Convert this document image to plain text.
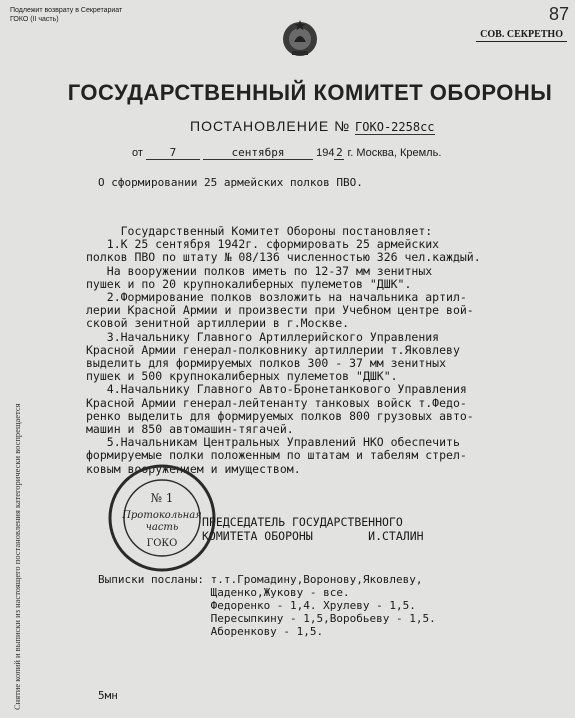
Подлежит возврату в Секретариат
ГОКО (II часть)	87
СОВ. СЕКРЕТНО
ГОСУДАРСТВЕННЫЙ КОМИТЕТ ОБОРОНЫ
ПОСТАНОВЛЕНИЕ № ГОКО-2258сс
от 7	сентября	194 2 г. Москва, Кремль.
О сформировании 25 армейских полков ПВО.
Государственный Комитет Обороны постановляет:
1.К 25 сентября 1942г. сформировать 25 армейских
полков ПВО по штату № 08/136 численностью 326 чел.каждый.
На вооружении полков иметь по 12-37 мм зенитных
пушек и по 20 крупнокалиберных пулеметов "ДШК".
2.Формирование полков возложить на начальника артил-
лерии Красной Армии и произвести при Учебном центре вой-
сковой зенитной артиллерии в г.Москве.
3.Начальнику Главного Артиллерийского Управления
Красной Армии генерал-полковнику артиллерии т.Яковлеву
выделить для формируемых полков 300 - 37 мм зенитных
пушек и 500 крупнокалиберных пулеметов "ДШК".
4.Начальнику Главного Авто-Бронетанкового Управления
Красной Армии генерал-лейтенанту танковых войск т.Федо-
ренко выделить для формируемых полков 800 грузовых авто-
машин и 850 автомашин-тягачей.
5.Начальникам Центральных Управлений НКО обеспечить
формируемые полки положенным по штатам и табелям стрел-
ковым вооружением и имуществом.
№ 1
Протокольная
часть
ГОКО
ПРЕДСЕДАТЕЛЬ ГОСУДАРСТВЕННОГО
КОМИТЕТА ОБОРОНЫ        И.СТАЛИН
Выписки посланы: т.т.Громадину,Воронову,Яковлеву,
Щаденко,Жукову - все.
Федоренко - 1,4. Хрулеву - 1,5.
Пересыпкину - 1,5,Воробьеву - 1,5.
Аборенкову - 1,5.
5мн
Снятие копий и выписки из настоящего постановления категорически воспрещается
